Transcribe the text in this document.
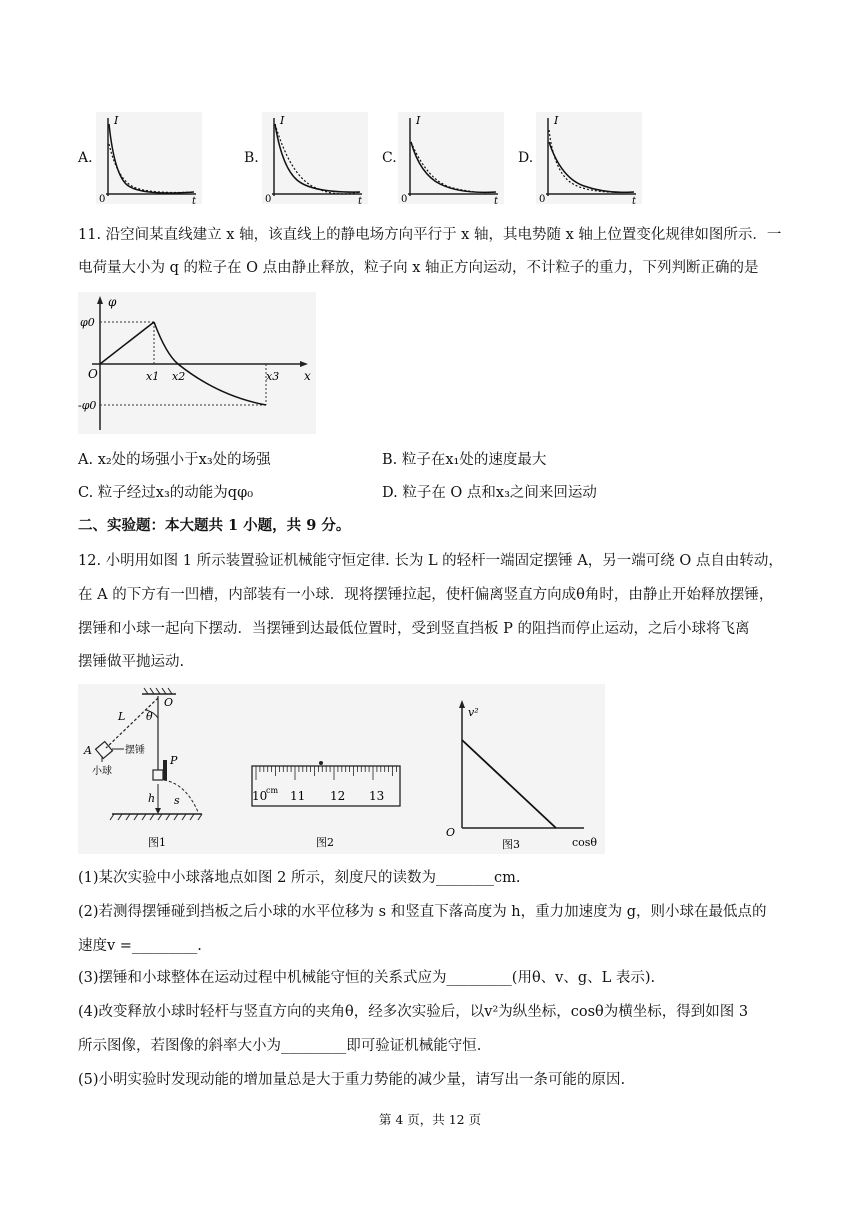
A.
I
0	t
B.
I
0	t
C.
I
0	t
D.
I
0	t
11. 沿空间某直线建立 x 轴，该直线上的静电场方向平行于 x 轴，其电势随 x 轴上位置变化规律如图所示．一
电荷量大小为 q 的粒子在 O 点由静止释放，粒子向 x 轴正方向运动，不计粒子的重力，下列判断正确的是
φ
x
O
φ0
-φ0
x1 x2	x3
A. x₂处的场强小于x₃处的场强	B. 粒子在x₁处的速度最大
C. 粒子经过x₃的动能为qφ₀	D. 粒子在 O 点和x₃之间来回运动
二、实验题：本大题共 1 小题，共 9 分。
12. 小明用如图 1 所示装置验证机械能守恒定律. 长为 L 的轻杆一端固定摆锤 A，另一端可绕 O 点自由转动，
在 A 的下方有一凹槽，内部装有一小球．现将摆锤拉起，使杆偏离竖直方向成θ角时，由静止开始释放摆锤，
摆锤和小球一起向下摆动．当摆锤到达最低位置时，受到竖直挡板 P 的阻挡而停止运动，之后小球将飞离
摆锤做平抛运动.
O
θ
L
A	摆锤
小球
P
h s
图1
10
cm 11 12 13
图2
v²
O
cosθ
图3
(1)某次实验中小球落地点如图 2 所示，刻度尺的读数为________cm.
(2)若测得摆锤碰到挡板之后小球的水平位移为 s 和竖直下落高度为 h，重力加速度为 g，则小球在最低点的
速度v =_________.
(3)摆锤和小球整体在运动过程中机械能守恒的关系式应为_________(用θ、v、g、L 表示).
(4)改变释放小球时轻杆与竖直方向的夹角θ，经多次实验后，以v²为纵坐标，cosθ为横坐标，得到如图 3
所示图像，若图像的斜率大小为_________即可验证机械能守恒.
(5)小明实验时发现动能的增加量总是大于重力势能的减少量，请写出一条可能的原因.
第 4 页，共 12 页
